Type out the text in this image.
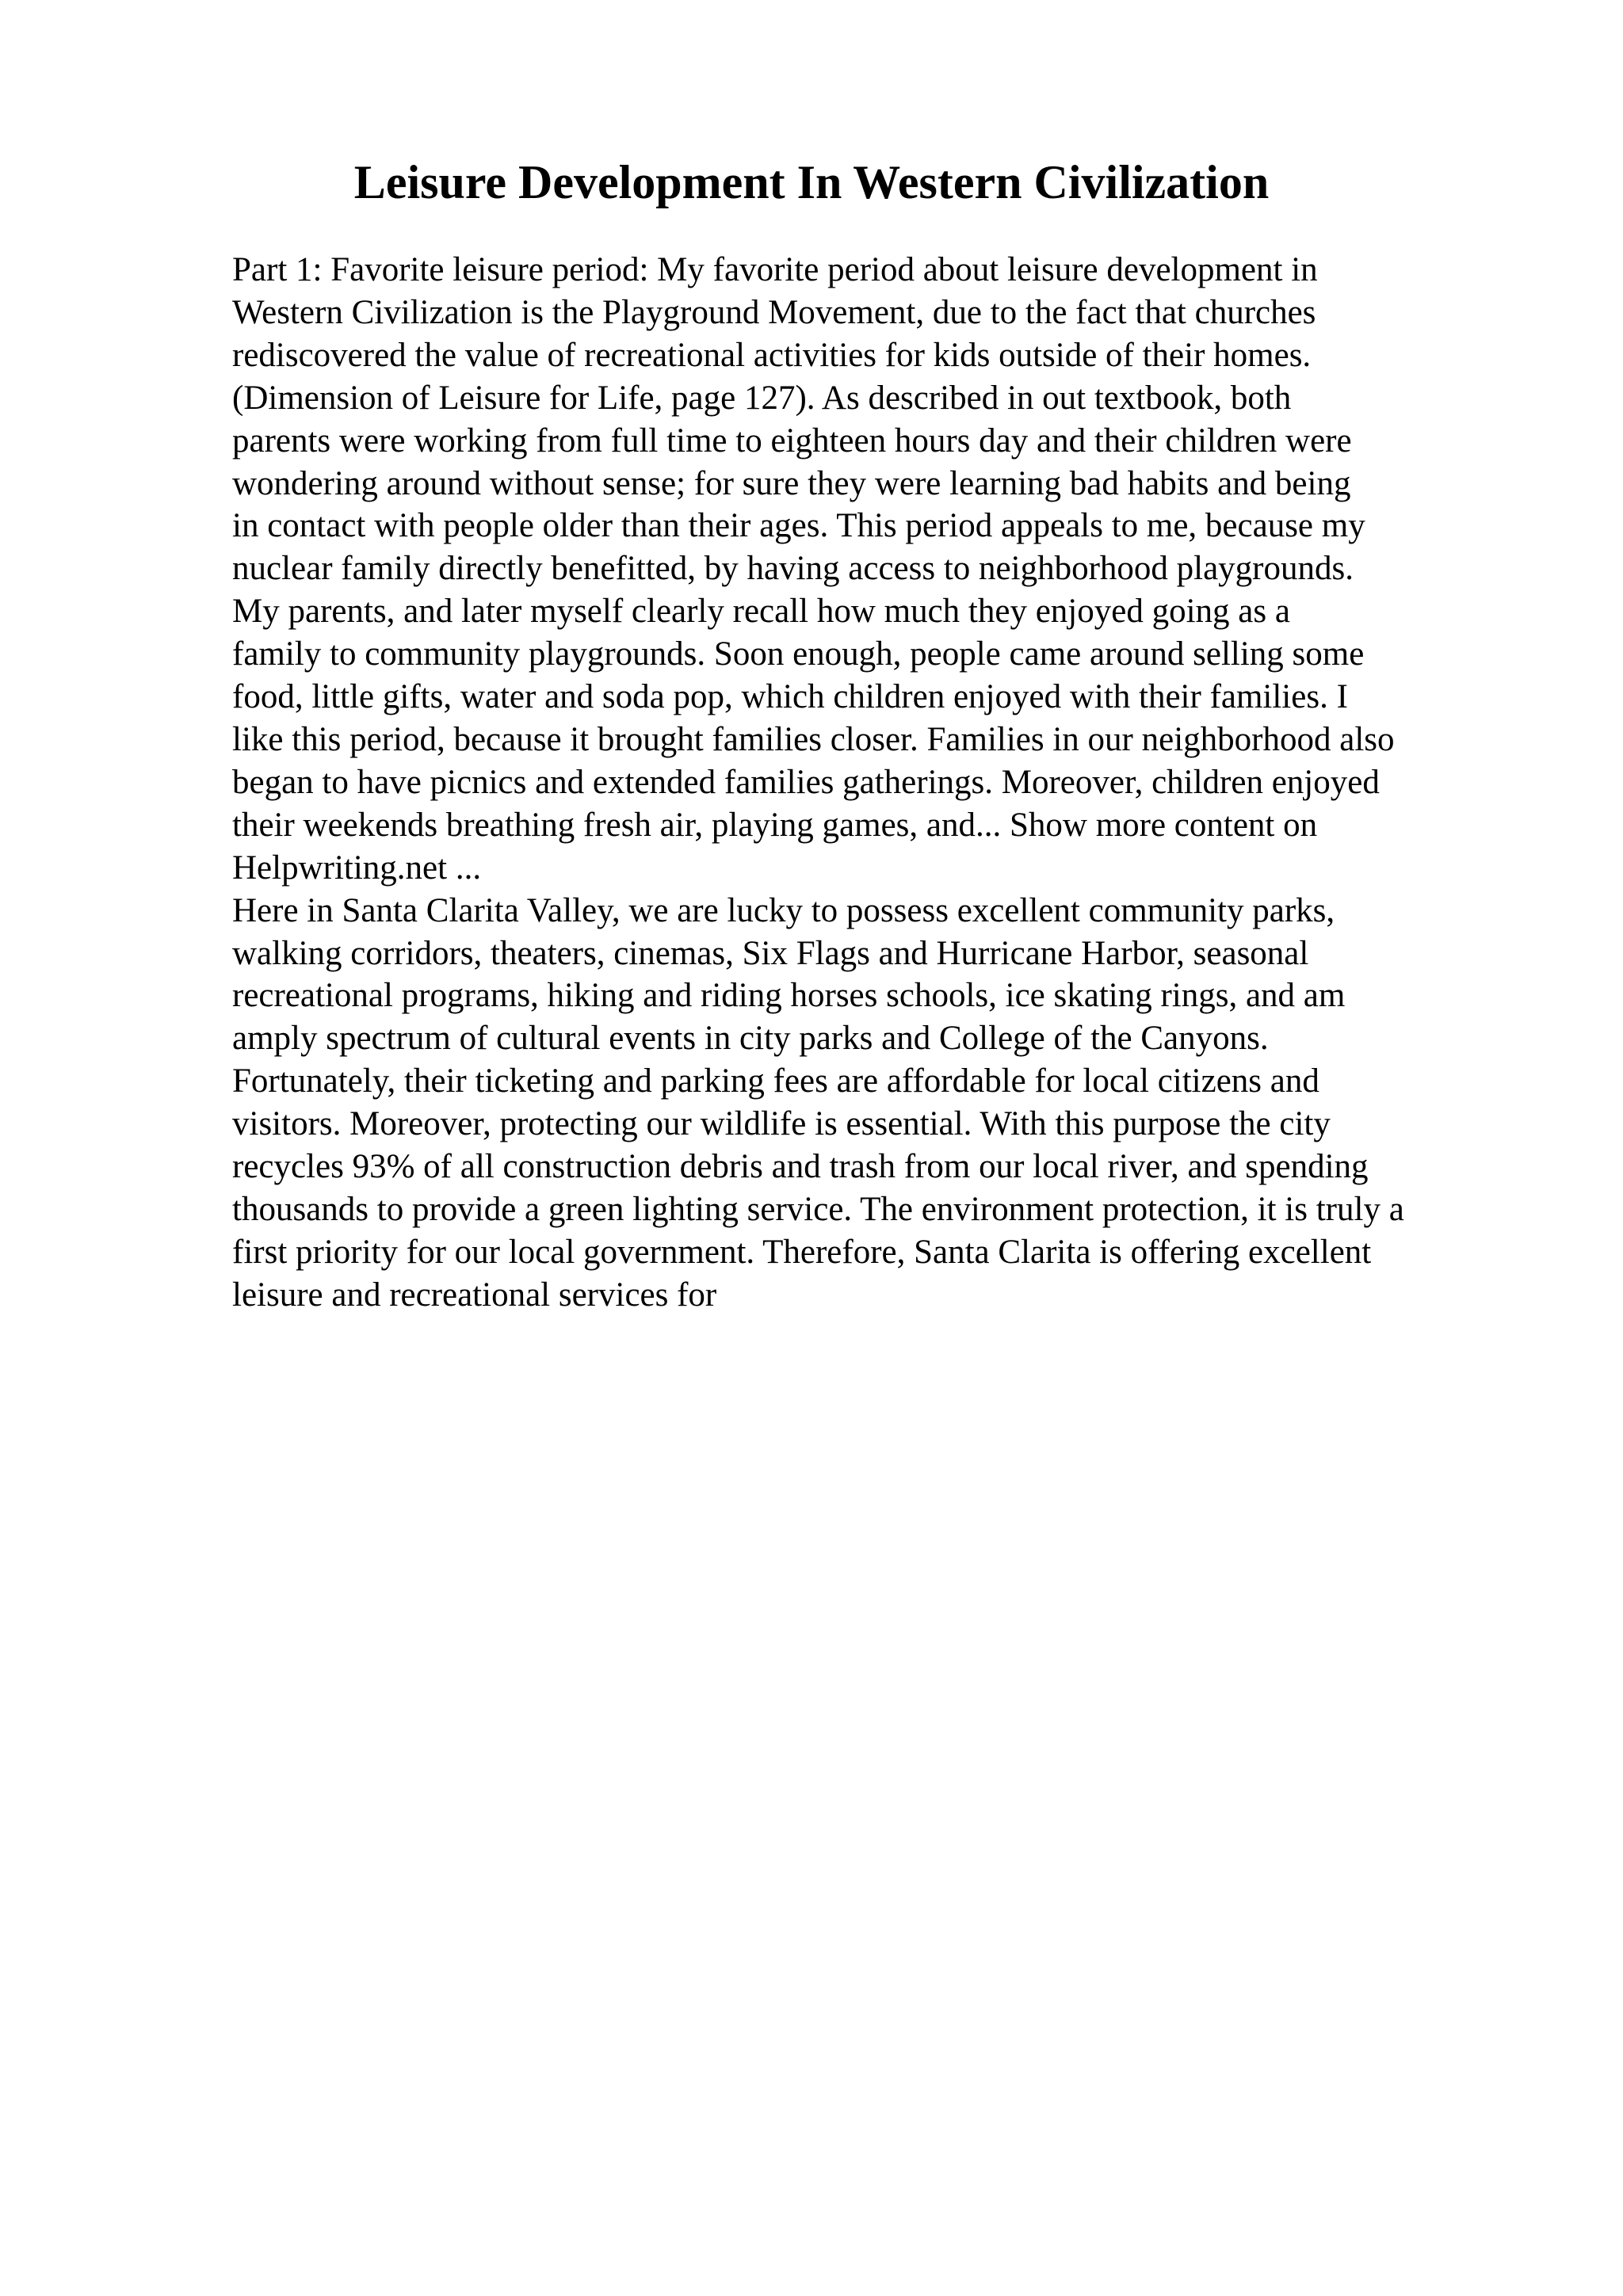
Leisure Development In Western Civilization
Part 1: Favorite leisure period: My favorite period about leisure development in
Western Civilization is the Playground Movement, due to the fact that churches
rediscovered the value of recreational activities for kids outside of their homes.
(Dimension of Leisure for Life, page 127). As described in out textbook, both
parents were working from full time to eighteen hours day and their children were
wondering around without sense; for sure they were learning bad habits and being
in contact with people older than their ages. This period appeals to me, because my
nuclear family directly benefitted, by having access to neighborhood playgrounds.
My parents, and later myself clearly recall how much they enjoyed going as a
family to community playgrounds. Soon enough, people came around selling some
food, little gifts, water and soda pop, which children enjoyed with their families. I
like this period, because it brought families closer. Families in our neighborhood also
began to have picnics and extended families gatherings. Moreover, children enjoyed
their weekends breathing fresh air, playing games, and... Show more content on
Helpwriting.net ...
Here in Santa Clarita Valley, we are lucky to possess excellent community parks,
walking corridors, theaters, cinemas, Six Flags and Hurricane Harbor, seasonal
recreational programs, hiking and riding horses schools, ice skating rings, and am
amply spectrum of cultural events in city parks and College of the Canyons.
Fortunately, their ticketing and parking fees are affordable for local citizens and
visitors. Moreover, protecting our wildlife is essential. With this purpose the city
recycles 93% of all construction debris and trash from our local river, and spending
thousands to provide a green lighting service. The environment protection, it is truly a
first priority for our local government. Therefore, Santa Clarita is offering excellent
leisure and recreational services for
